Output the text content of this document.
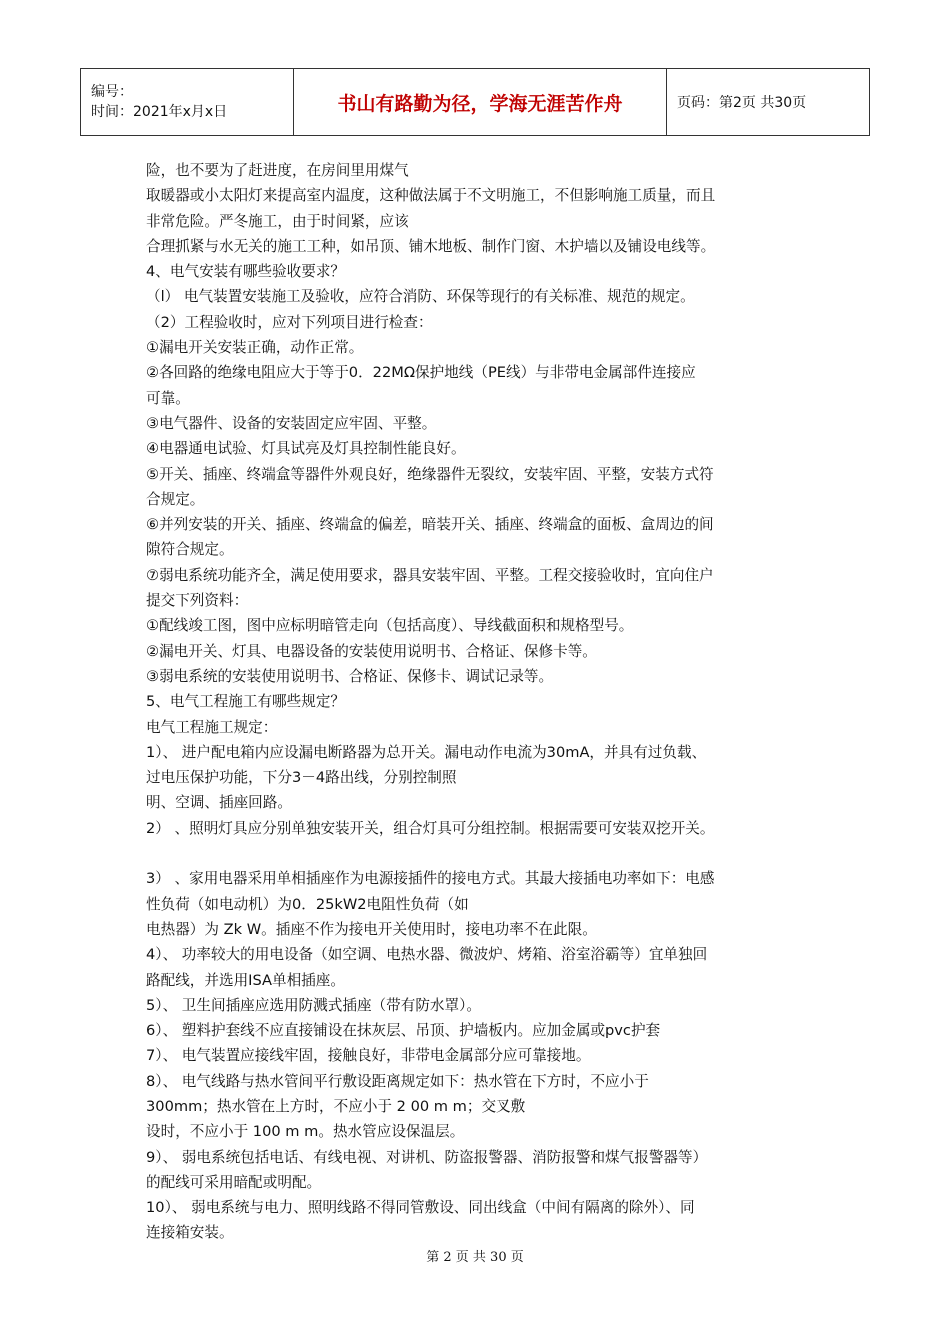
编号：
时间：2021年x月x日	书山有路勤为径，学海无涯苦作舟	页码：第2页 共30页
险，也不要为了赶进度，在房间里用煤气
取暖器或小太阳灯来提高室内温度，这种做法属于不文明施工，不但影响施工质量，而且
非常危险。严冬施工，由于时间紧，应该
合理抓紧与水无关的施工工种，如吊顶、铺木地板、制作门窗、木护墙以及铺设电线等。
4、电气安装有哪些验收要求？
（l） 电气装置安装施工及验收，应符合消防、环保等现行的有关标准、规范的规定。
（2）工程验收时，应对下列项目进行检查：
①漏电开关安装正确，动作正常。
②各回路的绝缘电阻应大于等于0．22MΩ保护地线（PE线）与非带电金属部件连接应
可靠。
③电气器件、设备的安装固定应牢固、平整。
④电器通电试验、灯具试亮及灯具控制性能良好。
⑤开关、插座、终端盒等器件外观良好，绝缘器件无裂纹，安装牢固、平整，安装方式符
合规定。
⑥并列安装的开关、插座、终端盒的偏差，暗装开关、插座、终端盒的面板、盒周边的间
隙符合规定。
⑦弱电系统功能齐全，满足使用要求，器具安装牢固、平整。工程交接验收时，宜向住户
提交下列资料：
①配线竣工图，图中应标明暗管走向（包括高度）、导线截面积和规格型号。
②漏电开关、灯具、电器设备的安装使用说明书、合格证、保修卡等。
③弱电系统的安装使用说明书、合格证、保修卡、调试记录等。
5、电气工程施工有哪些规定？
电气工程施工规定：
1）、 进户配电箱内应设漏电断路器为总开关。漏电动作电流为30mA，并具有过负载、
过电压保护功能，下分3－4路出线，分别控制照
明、空调、插座回路。
2） 、照明灯具应分别单独安装开关，组合灯具可分组控制。根据需要可安装双挖开关。
3） 、家用电器采用单相插座作为电源接插件的接电方式。其最大接插电功率如下：电感
性负荷（如电动机）为0．25kW2电阻性负荷（如
电热器）为 Zk W。插座不作为接电开关使用时，接电功率不在此限。
4）、 功率较大的用电设备（如空调、电热水器、微波炉、烤箱、浴室浴霸等）宜单独回
路配线，并选用ISA单相插座。
5）、 卫生间插座应选用防溅式插座（带有防水罩）。
6）、 塑料护套线不应直接铺设在抹灰层、吊顶、护墙板内。应加金属或pvc护套
7）、 电气装置应接线牢固，接触良好，非带电金属部分应可靠接地。
8）、 电气线路与热水管间平行敷设距离规定如下：热水管在下方时，不应小于
300mm；热水管在上方时，不应小于 2 00 m m；交叉敷
设时，不应小于 100 m m。热水管应设保温层。
9）、 弱电系统包括电话、有线电视、对讲机、防盗报警器、消防报警和煤气报警器等）
的配线可采用暗配或明配。
10）、 弱电系统与电力、照明线路不得同管敷设、同出线盒（中间有隔离的除外）、同
连接箱安装。
第 2 页 共 30 页
